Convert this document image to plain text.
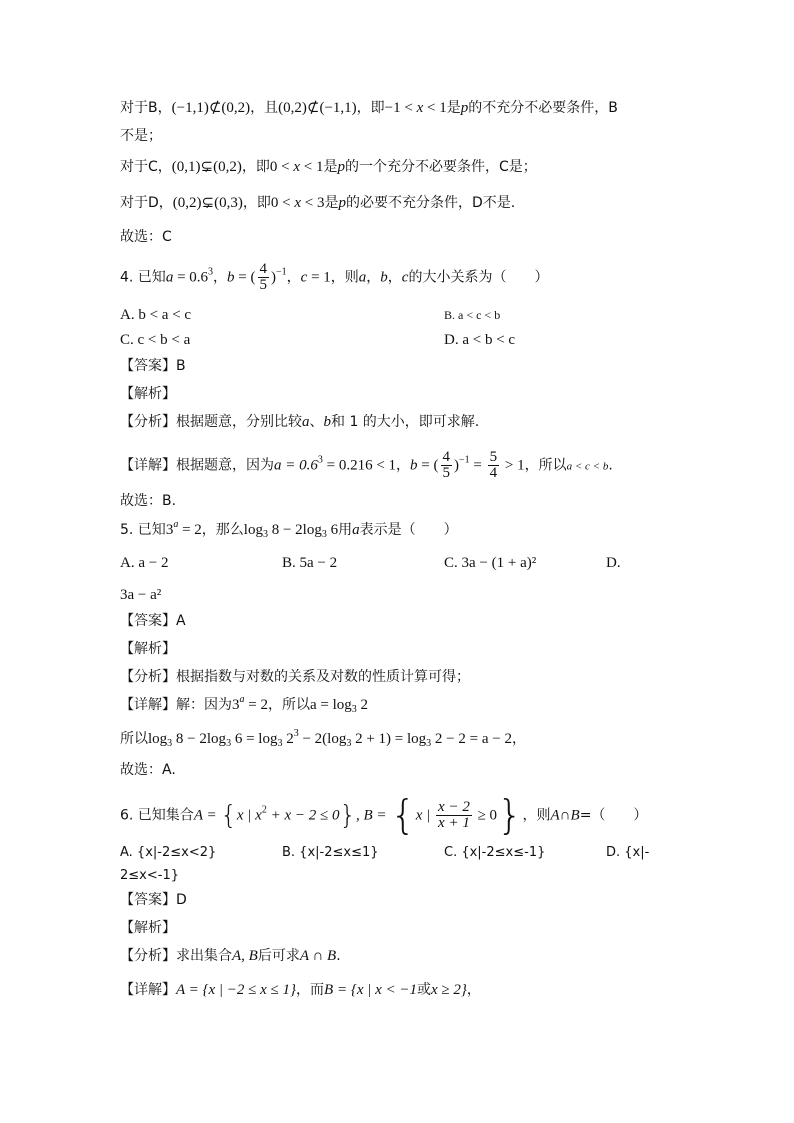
对于B，(−1,1)⊄(0,2)，且(0,2)⊄(−1,1)，即−1 < x < 1是p的不充分不必要条件，B
不是；
对于C，(0,1)⊊(0,2)，即0 < x < 1是p的一个充分不必要条件，C是；
对于D，(0,2)⊊(0,3)，即0 < x < 3是p的必要不充分条件，D不是.
故选：C
4. 已知$a = 0.6^3$，b = ( $\frac{4}{5} )^{-1}$，c = 1，则a，b，c的大小关系为（　　）
A. b < a < c	B. a < c < b
C. c < b < a	D. a < b < c
【答案】B
【解析】
【分析】根据题意，分别比较a、b和 1 的大小，即可求解.
【详解】根据题意，因为$a = 0.6^3 = 0.216 < 1$，b = ( $\frac{4}{5} )^{-1} = \frac{5}{4} > 1$，所以a < c < b.
故选：B.
5. 已知$3^a = 2$，那么$\log_3 8 - 2\log_3$ 6用a表示是（　　）
A. a − 2	B. 5a − 2	C. 3a − (1 + a)²	D.
3a − a²
【答案】A
【解析】
【分析】根据指数与对数的关系及对数的性质计算可得；
【详解】解：因为$3^a = 2$，所以$a = \log_3 2$
所以$\log_3 8 - 2\log_3$ $6 = \log_3 2^3 - 2(\log_3$ $2 + 1) = \log_3 2 - 2 = a - 2$，
故选：A.
6. 已知集合A = {x | $x^2 + x - 2 \le 0$}, B = {x | $\frac{x - 2}{x + 1} \ge 0$}，则A∩B=（　　）
A. {x|-2≤x<2}	B. {x|-2≤x≤1}	C. {x|-2≤x≤-1}	D. {x|-
2≤x<-1}
【答案】D
【解析】
【分析】求出集合A, B后可求A ∩ B.
【详解】A = {x | −2 ≤ x ≤ 1}，而B = {x | x < −1或x ≥ 2}，
